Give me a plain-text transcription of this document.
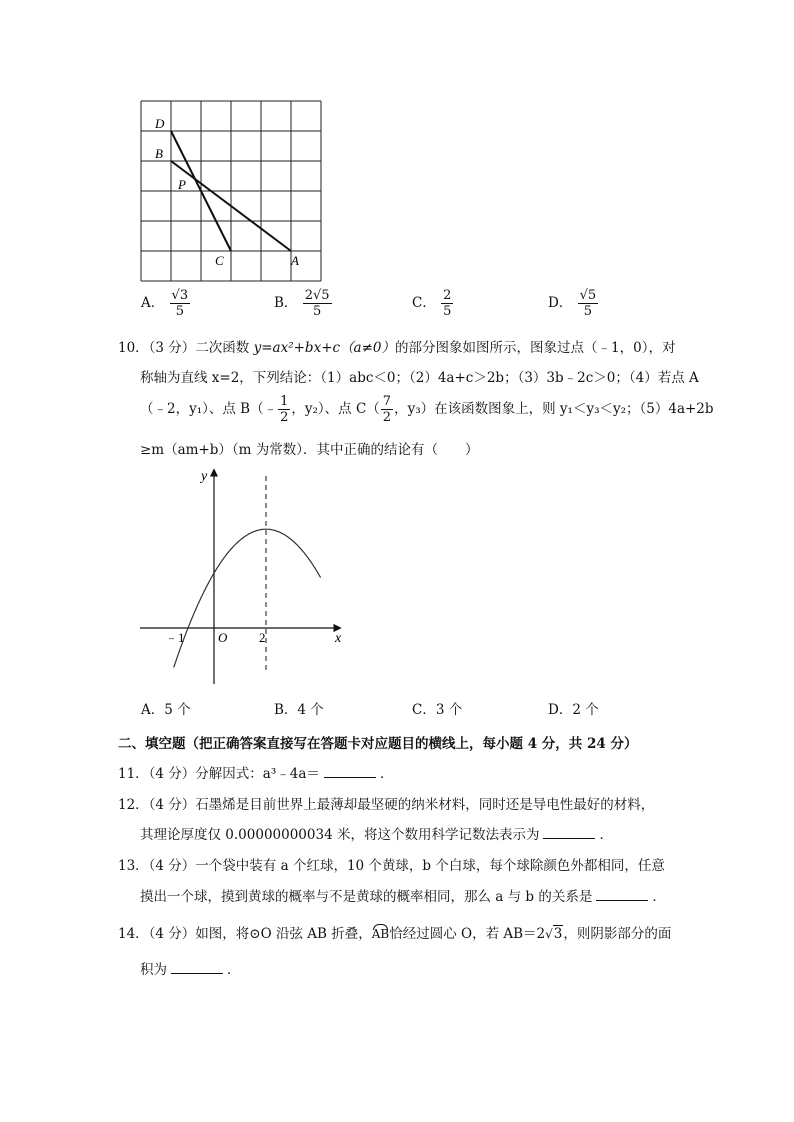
D
B
P
C	A
A． $\frac{√3}{5}$	B． $\frac{2√5}{5}$	C． $\frac{2}{5}$	D． $\frac{√5}{5}$
10．（3 分）二次函数 y=ax²+bx+c（a≠0）的部分图象如图所示，图象过点（﹣1，0），对
称轴为直线 x=2，下列结论：（1）abc＜0；（2）4a+c＞2b；（3）3b﹣2c＞0；（4）若点 A
（﹣2，y₁）、点 B（﹣ $\frac{1}{2}$ ，y₂）、点 $C( \frac{7}{2}$ ，y₃）在该函数图象上，则 y₁＜y₃＜y₂；（5）4a+2b
≥m（am+b）（m 为常数）．其中正确的结论有（　　）
y
x
O
﹣1	2
A．5 个	B．4 个	C．3 个	D．2 个
二、填空题（把正确答案直接写在答题卡对应题目的横线上，每小题 4 分，共 24 分）
11．（4 分）分解因式：a³﹣4a＝	．
12．（4 分）石墨烯是目前世界上最薄却最坚硬的纳米材料，同时还是导电性最好的材料，
其理论厚度仅 0.00000000034 米，将这个数用科学记数法表示为	．
13．（4 分）一个袋中装有 a 个红球，10 个黄球，b 个白球，每个球除颜色外都相同，任意
摸出一个球，摸到黄球的概率与不是黄球的概率相同，那么 a 与 b 的关系是	．
14．（4 分）如图，将⊙O 沿弦 AB 折叠，AB恰经过圆心 O，若 AB＝2√3，则阴影部分的面
积为	．
